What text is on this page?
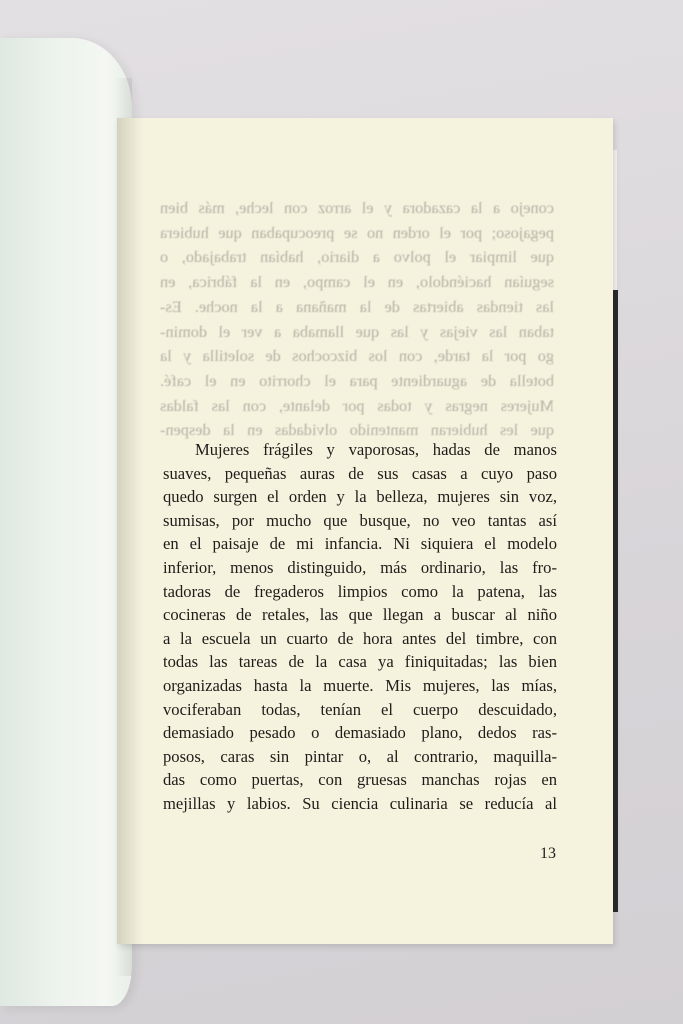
conejo a la cazadora y el arroz con leche, más bien
pegajoso; por el orden no se preocupaban que hubiera
que limpiar el polvo a diario, habían trabajado, o
seguían haciéndolo, en el campo, en la fábrica, en
las tiendas abiertas de la mañana a la noche. Es-
taban las viejas y las que llamaba a ver el domin-
go por la tarde, con los bizcochos de soletilla y la
botella de aguardiente para el chorrito en el café.
Mujeres negras y todas por delante, con las faldas
que les hubieran mantenido olvidadas en la despen-
Mujeres frágiles y vaporosas, hadas de manos
suaves, pequeñas auras de sus casas a cuyo paso
quedo surgen el orden y la belleza, mujeres sin voz,
sumisas, por mucho que busque, no veo tantas así
en el paisaje de mi infancia. Ni siquiera el modelo
inferior, menos distinguido, más ordinario, las fro-
tadoras de fregaderos limpios como la patena, las
cocineras de retales, las que llegan a buscar al niño
a la escuela un cuarto de hora antes del timbre, con
todas las tareas de la casa ya finiquitadas; las bien
organizadas hasta la muerte. Mis mujeres, las mías,
vociferaban todas, tenían el cuerpo descuidado,
demasiado pesado o demasiado plano, dedos ras-
posos, caras sin pintar o, al contrario, maquilla-
das como puertas, con gruesas manchas rojas en
mejillas y labios. Su ciencia culinaria se reducía al
13
